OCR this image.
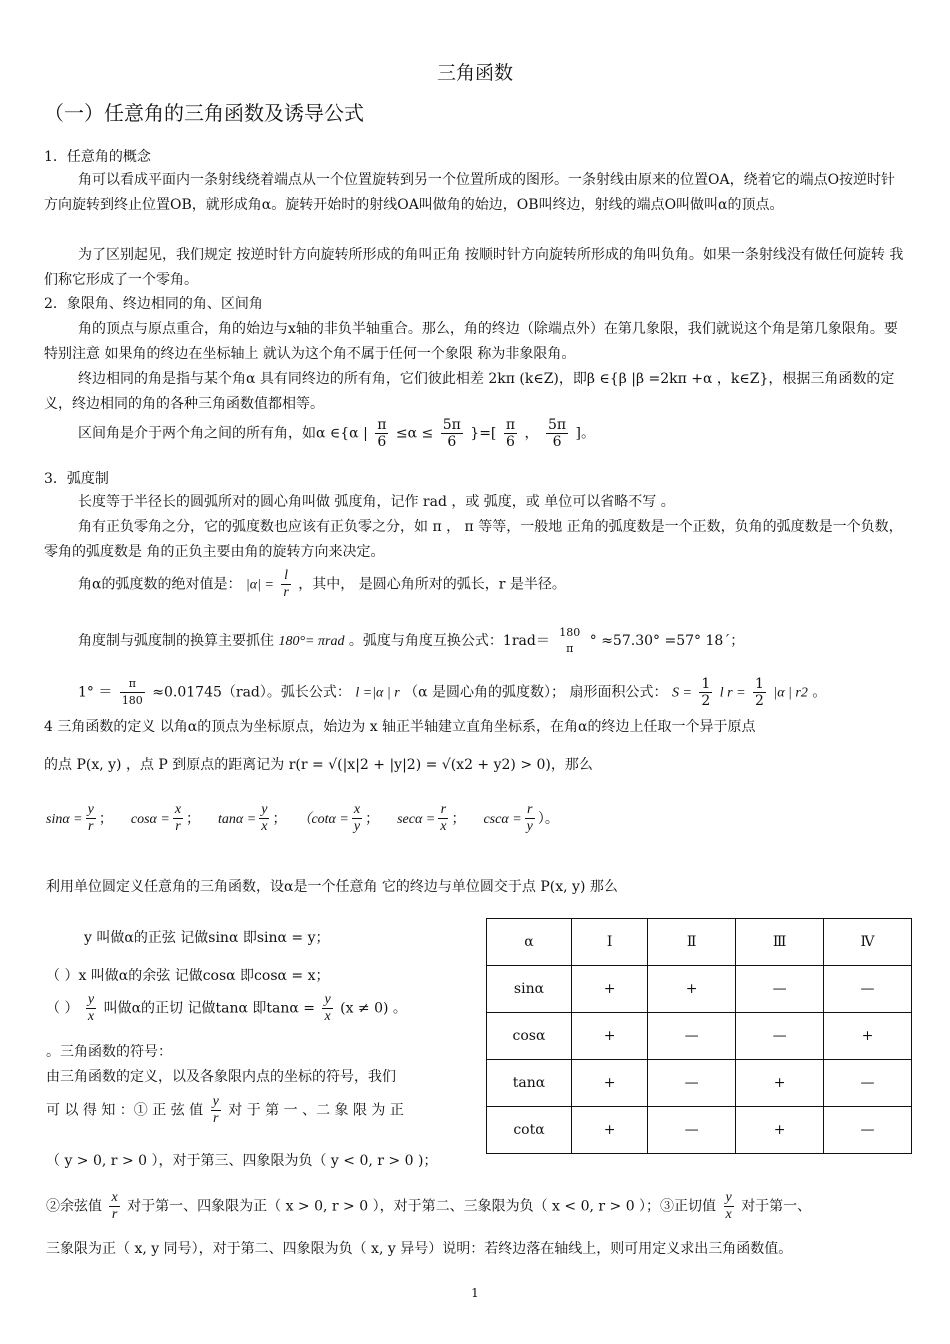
三角函数
（一）任意角的三角函数及诱导公式
1．任意角的概念
角可以看成平面内一条射线绕着端点从一个位置旋转到另一个位置所成的图形。一条射线由原来的位置OA，绕着它的端点O按逆时针方向旋转到终止位置OB，就形成角α。旋转开始时的射线OA叫做角的始边，OB叫终边，射线的端点O叫做叫α的顶点。
为了区别起见，我们规定 按逆时针方向旋转所形成的角叫正角 按顺时针方向旋转所形成的角叫负角。如果一条射线没有做任何旋转 我们称它形成了一个零角。
2．象限角、终边相同的角、区间角
角的顶点与原点重合，角的始边与x轴的非负半轴重合。那么，角的终边（除端点外）在第几象限，我们就说这个角是第几象限角。要特别注意 如果角的终边在坐标轴上 就认为这个角不属于任何一个象限 称为非象限角。
终边相同的角是指与某个角α 具有同终边的所有角，它们彼此相差 2kπ (k∈Z)，即β ∈{β |β =2kπ +α ，k∈Z}，根据三角函数的定义，终边相同的角的各种三角函数值都相等。
区间角是介于两个角之间的所有角，如α ∈{α | $\frac{\pi}{6} \le\alpha \le \frac{5\pi}{6}$ }=[ $\frac{\pi}{6}$ ， $\frac{5\pi}{6}$ ]。
3．弧度制
长度等于半径长的圆弧所对的圆心角叫做 弧度角，记作 rad ，或 弧度，或 单位可以省略不写 。
角有正负零角之分，它的弧度数也应该有正负零之分，如 π ， π 等等，一般地 正角的弧度数是一个正数，负角的弧度数是一个负数，零角的弧度数是 角的正负主要由角的旋转方向来决定。
角α的弧度数的绝对值是： $|\alpha| = \frac{l}{r}$ ，其中， 是圆心角所对的弧长，r 是半径。
角度制与弧度制的换算主要抓住 180°= πrad 。弧度与角度互换公式：1rad＝
180
π	° ≈57.30° =57° 18´；
$1^\circ = \frac{\pi}{180} \approx 0.01745(rad)$。弧长公式： l =|α | r （α 是圆心角的弧度数）； 扇形面积公式： $S = \frac{1}{2}$ l $r = \frac{1}{2} |\alpha$ | r2 。
4 三角函数的定义 以角α的顶点为坐标原点，始边为 x 轴正半轴建立直角坐标系，在角α的终边上任取一个异于原点
的点 P(x, y) ，点 P 到原点的距离记为 r(r = √(|x|2 + |y|2) = √(x2 + y2) > 0)，那么
$\sin\alpha = \frac{y}{r}$ ； $\cos\alpha = \frac{x}{r}$ ； $\tan\alpha = \frac{y}{x}$ ； （$\cot\alpha = \frac{x}{y}$ ； $\sec\alpha = \frac{r}{x}$ ； $\csc\alpha = \frac{r}{y}$ ）。
利用单位圆定义任意角的三角函数，设α是一个任意角 它的终边与单位圆交于点 P(x, y) 那么
y 叫做α的正弦 记做sinα 即sinα = y；
（ ）x 叫做α的余弦 记做cosα 即cosα = x；
（ ） $\frac{y}{x}$ 叫做α的正切 记做tanα 即$\tan\alpha = \frac{y}{x} (x \ne 0)$ 。
。三角函数的符号：
由三角函数的定义，以及各象限内点的坐标的符号，我们
可 以 得 知 ：① 正 弦 值 $\frac{y}{r}$ 对 于 第 一 、二 象 限 为 正
（ y > 0, r > 0 ），对于第三、四象限为负（ y < 0, r > 0 )；
②余弦值 $\frac{x}{r}$ 对于第一、四象限为正（ x > 0, r > 0 ），对于第二、三象限为负（ x < 0, r > 0 ）；③正切值 $\frac{y}{x}$ 对于第一、
三象限为正（ x, y 同号），对于第二、四象限为负（ x, y 异号）说明：若终边落在轴线上，则可用定义求出三角函数值。
α	Ⅰ	Ⅱ	Ⅲ	Ⅳ
sinα	+	+	—	—
cosα	+	—	—	+
tanα	+	—	+	—
cotα	+	—	+	—
1
